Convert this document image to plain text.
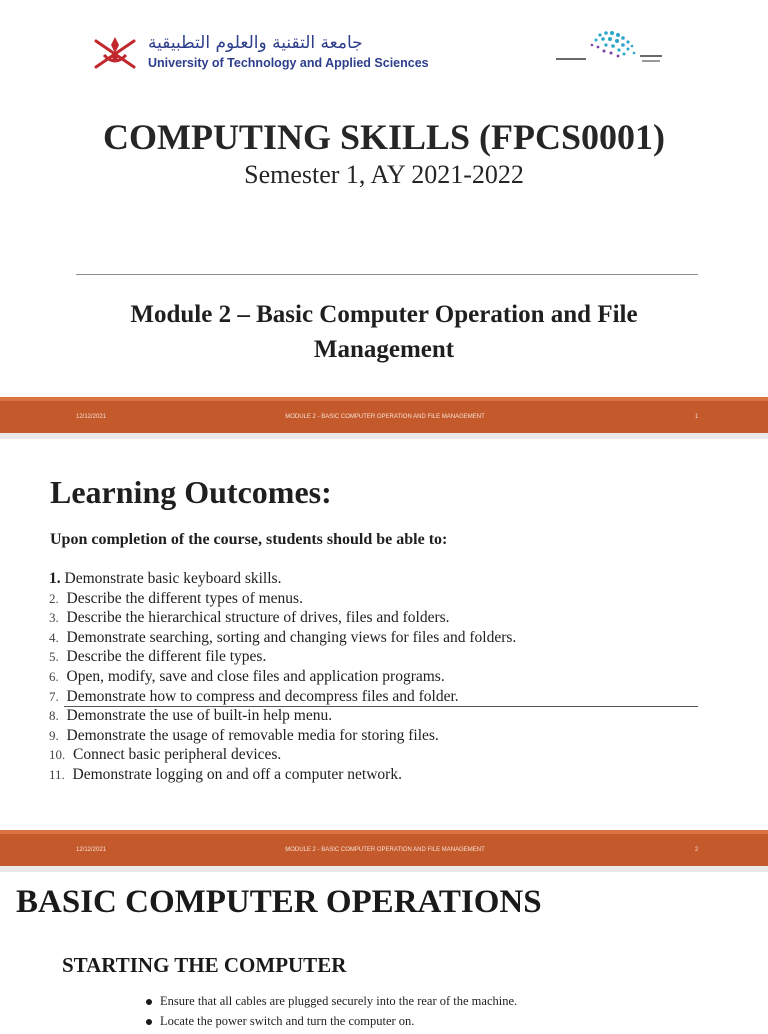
جامعة التقنية والعلوم التطبيقية
University of Technology and Applied Sciences
COMPUTING SKILLS (FPCS0001)
Semester 1, AY 2021-2022
Module 2 – Basic Computer Operation and File
Management
12/12/2021	MODULE 2 - BASIC COMPUTER OPERATION AND FILE MANAGEMENT	1
Learning Outcomes:
Upon completion of the course, students should be able to:
1. Demonstrate basic keyboard skills.
2. Describe the different types of menus.
3. Describe the hierarchical structure of drives, files and folders.
4. Demonstrate searching, sorting and changing views for files and folders.
5. Describe the different file types.
6. Open, modify, save and close files and application programs.
7. Demonstrate how to compress and decompress files and folder.
8. Demonstrate the use of built-in help menu.
9. Demonstrate the usage of removable media for storing files.
10. Connect basic peripheral devices.
11. Demonstrate logging on and off a computer network.
12/12/2021	MODULE 2 - BASIC COMPUTER OPERATION AND FILE MANAGEMENT	2
BASIC COMPUTER OPERATIONS
STARTING THE COMPUTER
Ensure that all cables are plugged securely into the rear of the machine.
Locate the power switch and turn the computer on.
